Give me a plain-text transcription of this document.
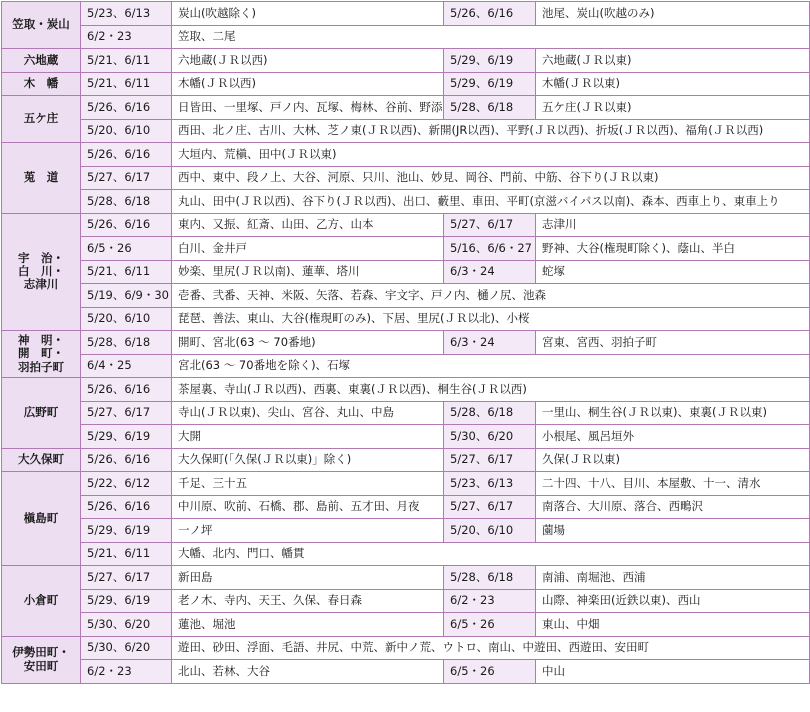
笠取・炭山	5/23、6/13	炭山(吹越除く)	5/26、6/16	池尾、炭山(吹越のみ)
	6/2・23	笠取、二尾		
六地蔵	5/21、6/11	六地蔵(ＪＲ以西)	5/29、6/19	六地蔵(ＪＲ以東)
木　幡	5/21、6/11	木幡(ＪＲ以西)	5/29、6/19	木幡(ＪＲ以東)
五ケ庄	5/26、6/16	日皆田、一里塚、戸ノ内、瓦塚、梅林、谷前、野添	5/28、6/18	五ケ庄(ＪＲ以東)
	5/20、6/10	西田、北ノ庄、古川、大林、芝ノ東(ＪＲ以西)、新開(JR以西)、平野(ＪＲ以西)、折坂(ＪＲ以西)、福角(ＪＲ以西)		
莵　道	5/26、6/16	大垣内、荒槇、田中(ＪＲ以東)		
	5/27、6/17	西中、東中、段ノ上、大谷、河原、只川、池山、妙見、岡谷、門前、中筋、谷下り(ＪＲ以東)		
	5/28、6/18	丸山、田中(ＪＲ以西)、谷下り(ＪＲ以西)、出口、藪里、車田、平町(京滋バイパス以南)、森本、西車上り、東車上り		

宇　治・
白　川・
志津川	5/26、6/16	東内、又振、紅斎、山田、乙方、山本	5/27、6/17	志津川
	6/5・26	白川、金井戸	5/16、6/6・27	野神、大谷(権現町除く)、蔭山、半白
	5/21、6/11	妙楽、里尻(ＪＲ以南)、蓮華、塔川	6/3・24	蛇塚
	5/19、6/9・30	壱番、弐番、天神、米阪、矢落、若森、宇文字、戸ノ内、樋ノ尻、池森		
	5/20、6/10	琵琶、善法、東山、大谷(権現町のみ)、下居、里尻(ＪＲ以北)、小桜		

神　明・
開　町・
羽拍子町	5/28、6/18	開町、宮北(63 ～ 70番地)	6/3・24	宮東、宮西、羽拍子町
	6/4・25	宮北(63 ～ 70番地を除く)、石塚		
広野町	5/26、6/16	茶屋裏、寺山(ＪＲ以西)、西裏、東裏(ＪＲ以西)、桐生谷(ＪＲ以西)		
	5/27、6/17	寺山(ＪＲ以東)、尖山、宮谷、丸山、中島	5/28、6/18	一里山、桐生谷(ＪＲ以東)、東裏(ＪＲ以東)
	5/29、6/19	大開	5/30、6/20	小根尾、風呂垣外
大久保町	5/26、6/16	大久保町(「久保(ＪＲ以東)」除く)	5/27、6/17	久保(ＪＲ以東)
槇島町	5/22、6/12	千足、三十五	5/23、6/13	二十四、十八、目川、本屋敷、十一、清水
	5/26、6/16	中川原、吹前、石橋、郡、島前、五才田、月夜	5/27、6/17	南落合、大川原、落合、西鴫沢
	5/29、6/19	一ノ坪	5/20、6/10	薗場
	5/21、6/11	大幡、北内、門口、幡貫		
小倉町	5/27、6/17	新田島	5/28、6/18	南浦、南堀池、西浦
	5/29、6/19	老ノ木、寺内、天王、久保、春日森	6/2・23	山際、神楽田(近鉄以東)、西山
	5/30、6/20	蓮池、堀池	6/5・26	東山、中畑

伊勢田町・
安田町	5/30、6/20	遊田、砂田、浮面、毛語、井尻、中荒、新中ノ荒、ウトロ、南山、中遊田、西遊田、安田町		
	6/2・23	北山、若林、大谷	6/5・26	中山
